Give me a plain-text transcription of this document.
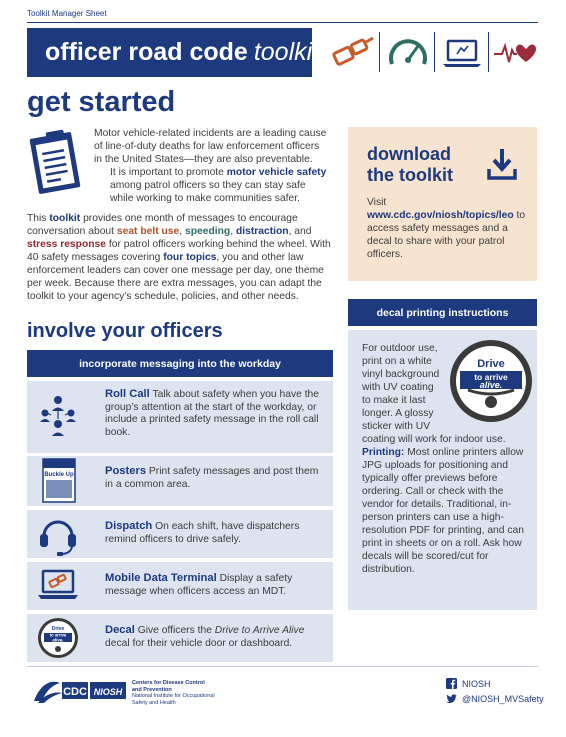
Toolkit Manager Sheet
officer road code toolkit
get started

Motor vehicle-related incidents are a leading cause of line-of-duty deaths for law enforcement officers in the United States—they are also preventable.

It is important to promote motor vehicle safety among patrol officers so they can stay safe while working to make communities safer.

This toolkit provides one month of messages to encourage conversation about seat belt use, speeding, distraction, and stress response for patrol officers working behind the wheel. With 40 safety messages covering four topics, you and other law enforcement leaders can cover one message per day, one theme per week. Because there are extra messages, you can adapt the toolkit to your agency’s schedule, policies, and other needs.
involve your officers
incorporate messaging into the workday
Roll Call Talk about safety when you have the group’s attention at the start of the workday, or include a printed safety message in the roll call book.
Buckle Up	Posters Print safety messages and post them in a common area.
Dispatch On each shift, have dispatchers remind officers to drive safely.
Mobile Data Terminal Display a safety message when officers access an MDT.
Drive
to arrive
alive.
Decal Give officers the Drive to Arrive Alive decal for their vehicle door or dashboard.
download
the toolkit
Visit www.cdc.gov/niosh/topics/leo to access safety messages and a decal to share with your patrol officers.
decal printing instructions
Drive
to arrive
alive.

For outdoor use, print on a white vinyl background with UV coating to make it last longer. A glossy sticker with UV coating will work for indoor use.

Printing: Most online printers allow JPG uploads for positioning and typically offer previews before ordering. Call or check with the vendor for details. Traditional, in-person printers can use a high-resolution PDF for printing, and can print in sheets or on a roll. Ask how decals will be scored/cut for distribution.

CDC NIOSH
Centers for Disease Control
and Prevention
National Institute for Occupational
Safety and Health
NIOSH
@NIOSH_MVSafety
